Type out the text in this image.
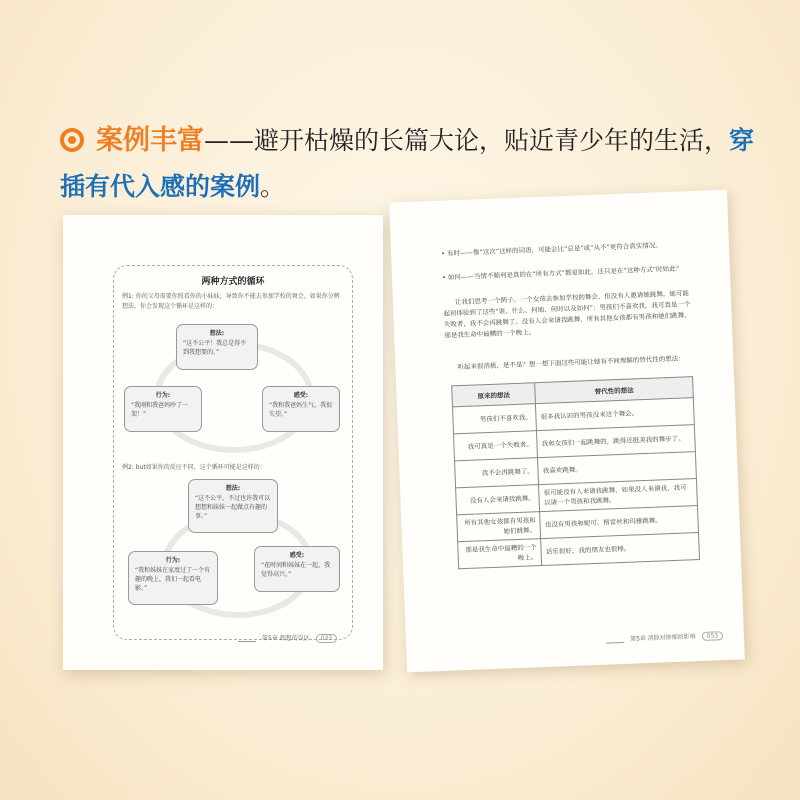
案例丰富——避开枯燥的长篇大论，贴近青少年的生活，穿插有代入感的案例。
两种方式的循环
例1: 你的父母需要你照看你的小妹妹，导致你不能去参加学校的舞会。如果你分辨想法，你会发现这个循环是这样的：
想法:
“这不公平！我总是得不到我想要的。”
感受:
“我和我爸妈生气，我很失望。”
行为:
“我刚和我爸妈吵了一架！”
例2: but如果你的反应不同，这个循环可能是这样的：
想法:
“这不公平，不过也许我可以想想和妹妹一起做点有趣的事。”
感受:
“花时间和妹妹在一起，我觉得高兴。”
行为:
“我和妹妹在家度过了一个有趣的晚上，我们一起看电影。”
第5章 卸想的误区 033
• 有时——像“这次”这样的词语，可能会比“总是”或“从不”更符合真实情况。
• 如何——当情不顺利是真的在“所有方式”都是如此，还只是在“这种方式”时如此？
让我们思考一个例子。一个女孩去参加学校的舞会，但没有人邀请她跳舞。她可能起初体验到了这些“谁、什么、何地、何时以及如何”：男孩们不喜欢我，我可真是一个失败者，我不会再跳舞了。没有人会来请我跳舞，所有其他女孩都有男孩和她们跳舞，那是我生命中最糟的一个晚上。
听起来很消极，是不是？想一想下面这些可能让她有不同理解的替代性的想法：
原来的想法	替代性的想法
男孩们不喜欢我。	很多我认识的男孩没来这个舞会。
我可真是一个失败者。	我和女孩们一起跳舞的，跳得还挺美我的舞步了。
我不会再跳舞了。	我喜欢跳舞。
没有人会来请我跳舞。	很可能没有人来请我跳舞，如果没人来请我，我可以请一个男孩和我跳舞。
所有其他女孩都有男孩和她们跳舞。	也没有男孩和妮可、格雷丝和玛雅跳舞。
那是我生命中最糟的一个晚上。	话乐很好，我的朋友也很棒。
第5章 消除对抑郁的影响 053
